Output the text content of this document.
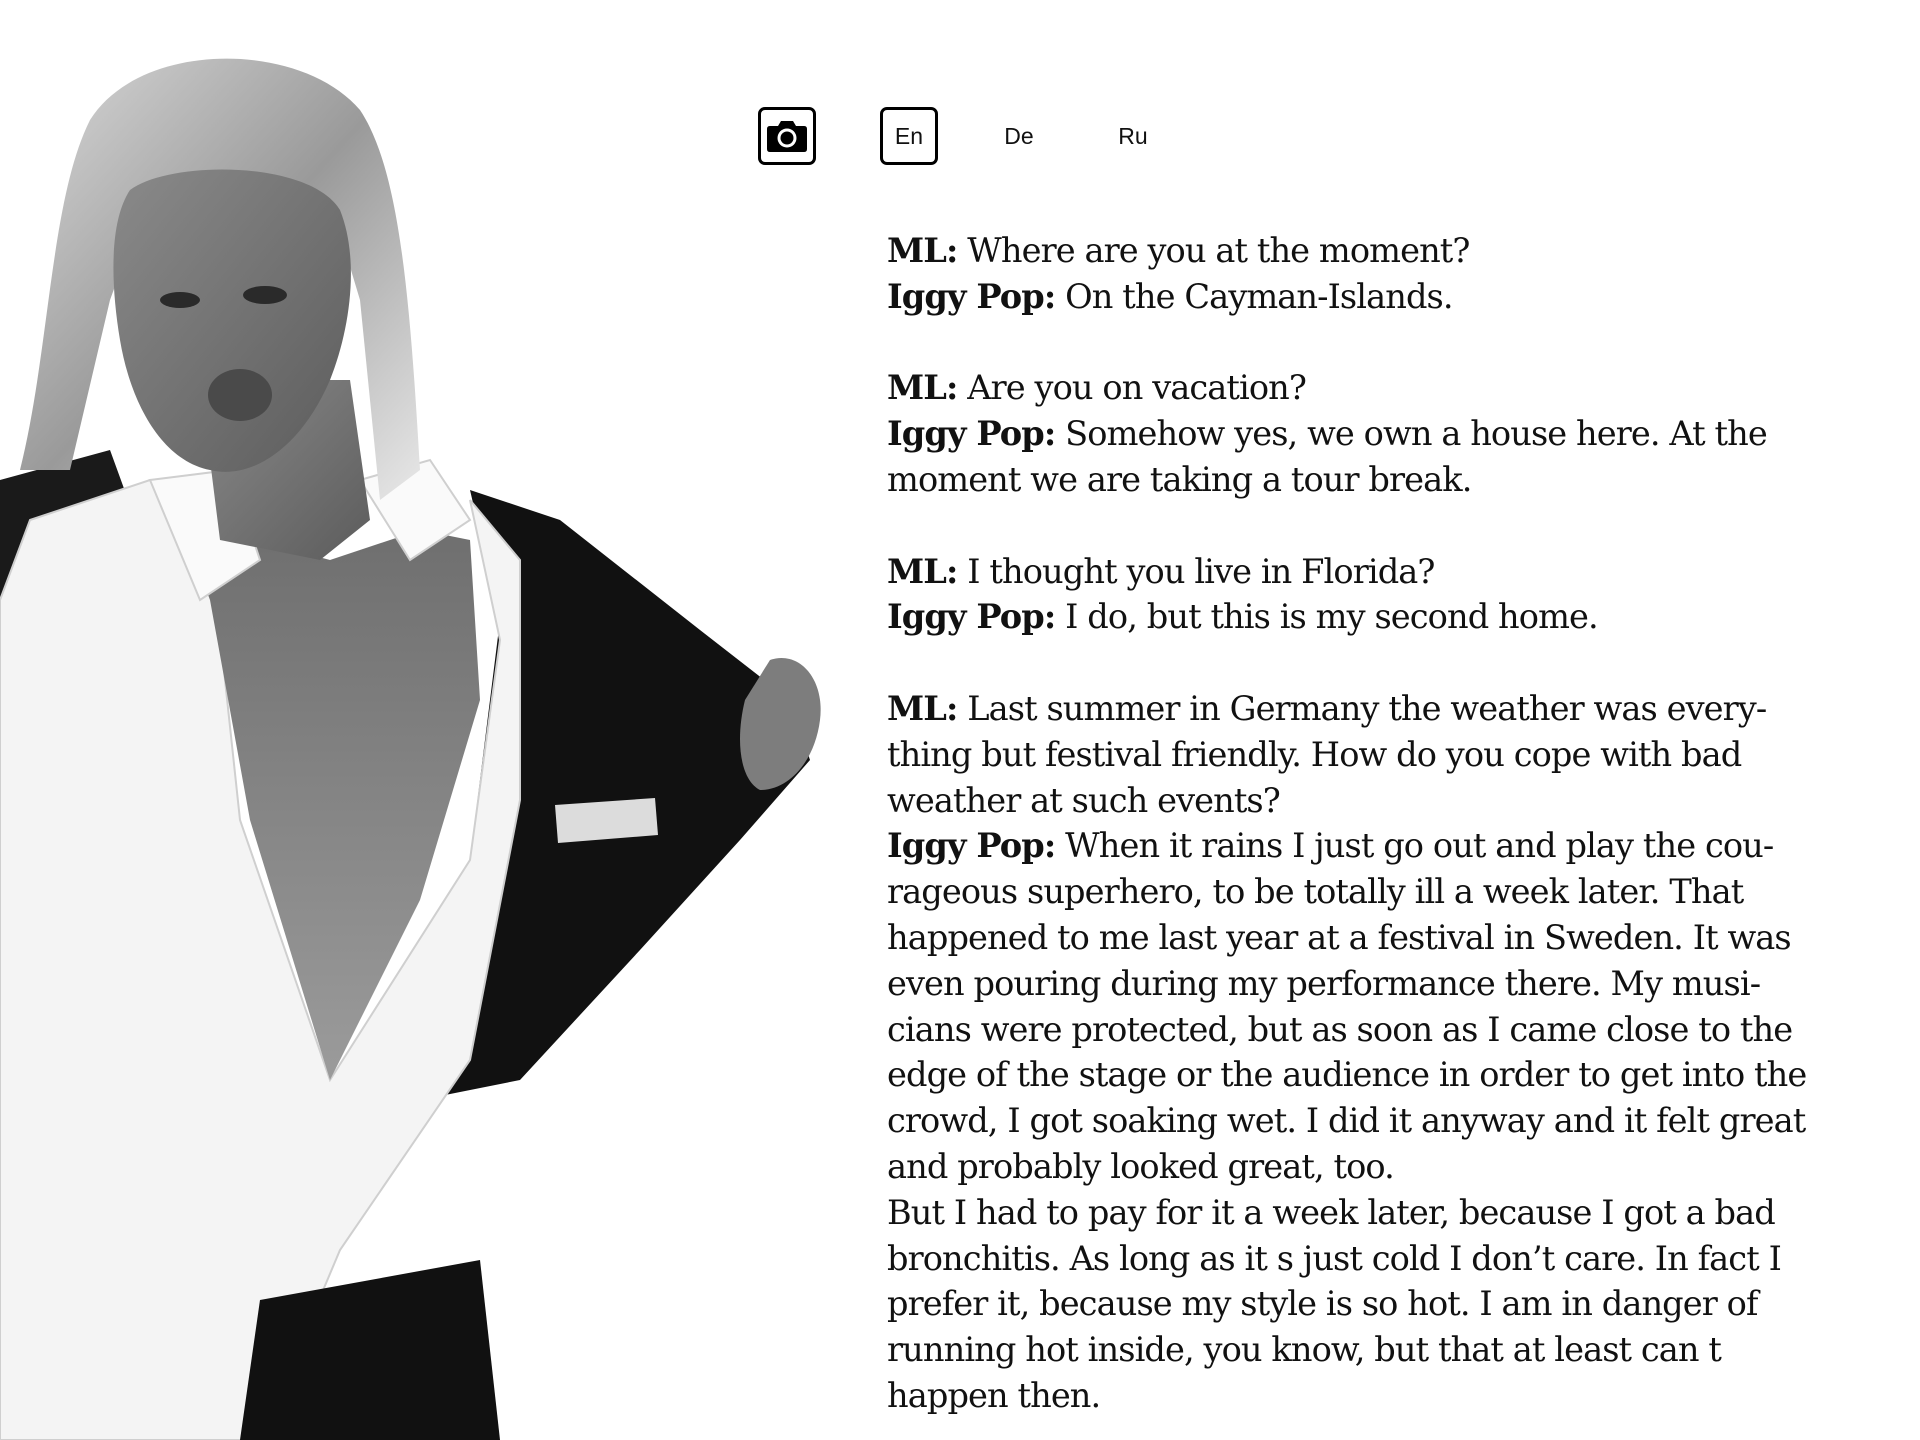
En	De	Ru
ML: Where are you at the moment?
Iggy Pop: On the Cayman-Islands.
ML: Are you on vacation?
Iggy Pop: Somehow yes, we own a house here. At the
moment we are taking a tour break.
ML: I thought you live in Florida?
Iggy Pop: I do, but this is my second home.
ML: Last summer in Germany the weather was every-
thing but festival friendly. How do you cope with bad
weather at such events?
Iggy Pop: When it rains I just go out and play the cou-
rageous superhero, to be totally ill a week later. That
happened to me last year at a festival in Sweden. It was
even pouring during my performance there. My musi-
cians were protected, but as soon as I came close to the
edge of the stage or the audience in order to get into the
crowd, I got soaking wet. I did it anyway and it felt great
and probably looked great, too.
But I had to pay for it a week later, because I got a bad
bronchitis. As long as it s just cold I don’t care. In fact I
prefer it, because my style is so hot. I am in danger of
running hot inside, you know, but that at least can t
happen then.
